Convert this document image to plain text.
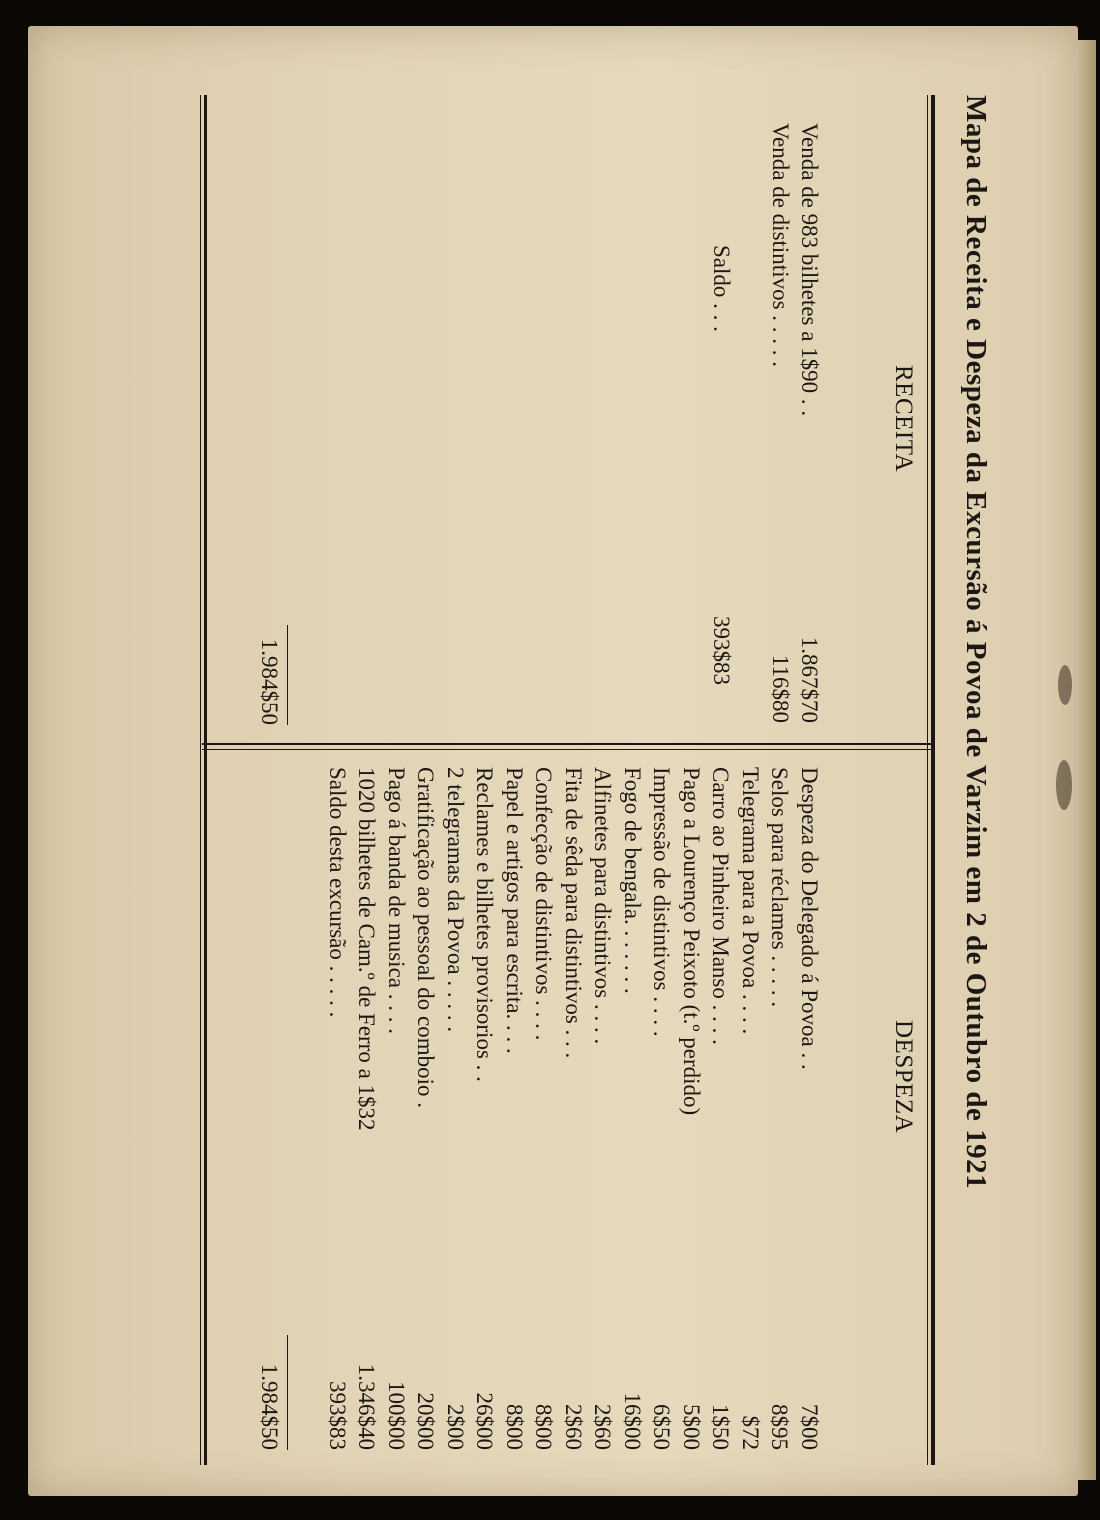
Mapa de Receita e Despeza da Excursão á Povoa de Varzim em 2 de Outubro de 1921
RECEITA
Venda de 983 bilhetes a 1$90 . .
1.867$70
Venda de distintivos . . . . .
116$80
Saldo . . .
393$83
1.984$50
DESPEZA
Despeza do Delegado á Povoa . .
7$00
Selos para réclames . . . . .
8$95
Telegrama para a Povoa . . . .
$72
Carro ao Pinheiro Manso . . . .
1$50
Pago a Lourenço Peixoto (t.º perdido)
5$00
Impressão de distintivos . . . .
6$50
Fogo de bengala. . . . . . .
16$00
Alfinetes para distintivos . . . .
2$60
Fita de sêda para distintivos . . .
2$60
Confecção de distintivos . . . .
8$00
Papel e artigos para escrita. . . .
8$00
Reclames e bilhetes provisorios . .
26$00
2 telegramas da Povoa . . . . .
2$00
Gratificação ao pessoal do comboio .
20$00
Pago á banda de musica . . . .
100$00
1020 bilhetes de Cam.º de Ferro a 1$32
1.346$40
Saldo desta excursão . . . . .
393$83
1.984$50
